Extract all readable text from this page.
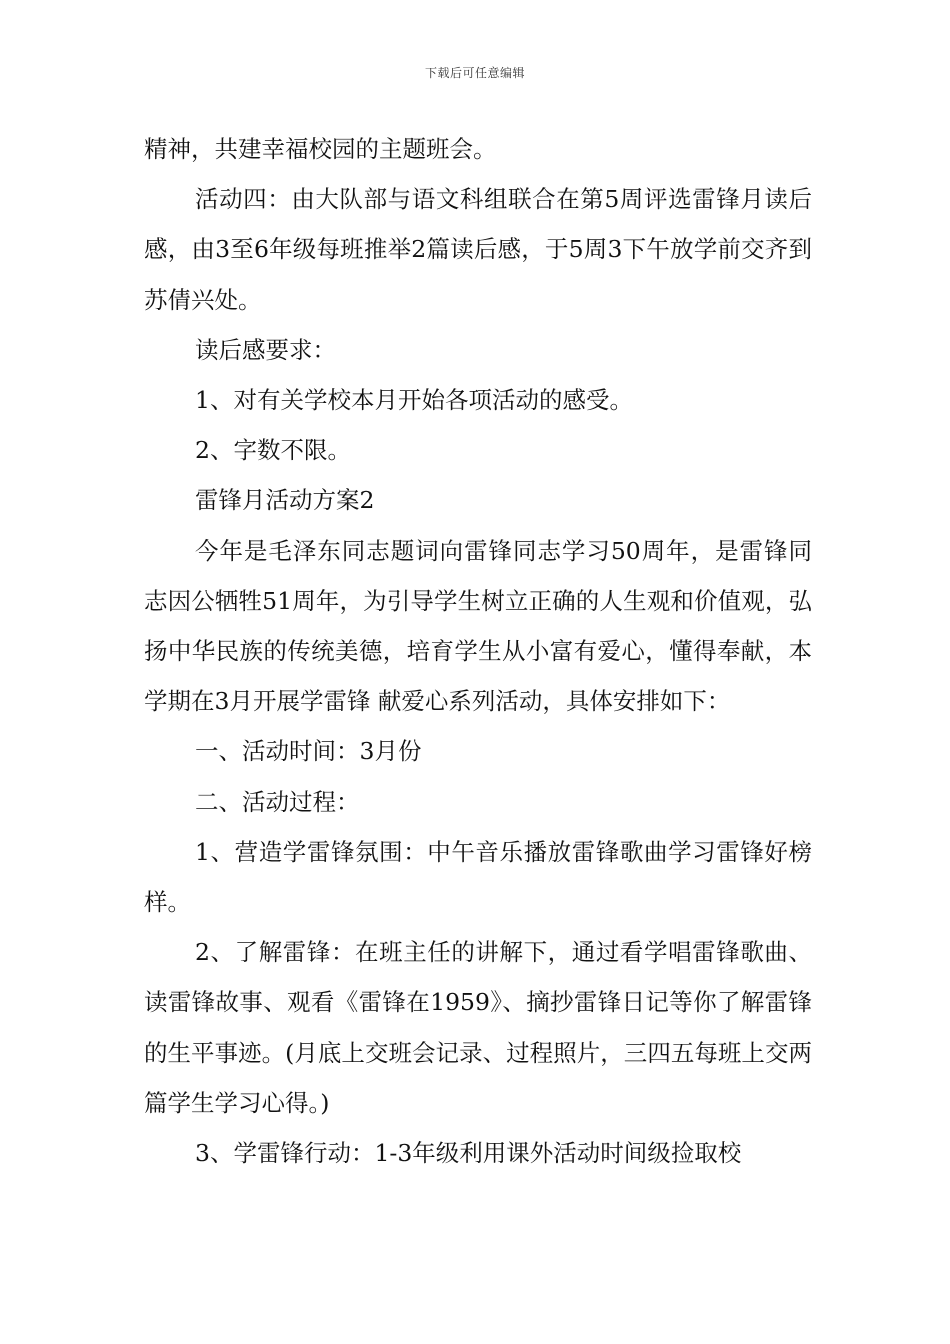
下载后可任意编辑

精神，共建幸福校园的主题班会。

活动四：由大队部与语文科组联合在第5周评选雷锋月读后感，由3至6年级每班推举2篇读后感，于5周3下午放学前交齐到苏倩兴处。

读后感要求：

1、对有关学校本月开始各项活动的感受。

2、字数不限。

雷锋月活动方案2

今年是毛泽东同志题词向雷锋同志学习50周年，是雷锋同志因公牺牲51周年，为引导学生树立正确的人生观和价值观，弘扬中华民族的传统美德，培育学生从小富有爱心，懂得奉献，本学期在3月开展学雷锋 献爱心系列活动，具体安排如下：

一、活动时间：3月份

二、活动过程：

1、营造学雷锋氛围：中午音乐播放雷锋歌曲学习雷锋好榜样。

2、了解雷锋：在班主任的讲解下，通过看学唱雷锋歌曲、读雷锋故事、观看《雷锋在1959》、摘抄雷锋日记等你了解雷锋的生平事迹。(月底上交班会记录、过程照片，三四五每班上交两篇学生学习心得。)

3、学雷锋行动：1-3年级利用课外活动时间级捡取校
